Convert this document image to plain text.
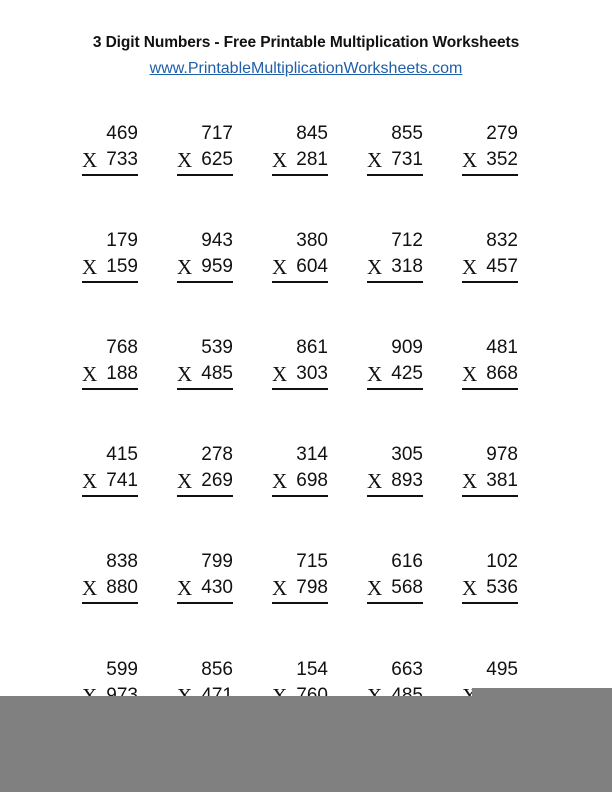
3 Digit Numbers - Free Printable Multiplication Worksheets
www.PrintableMultiplicationWorksheets.com
469
X 733
717
X 625
845
X 281
855
X 731
279
X 352
179
X 159
943
X 959
380
X 604
712
X 318
832
X 457
768
X 188
539
X 485
861
X 303
909
X 425
481
X 868
415
X 741
278
X 269
314
X 698
305
X 893
978
X 381
838
X 880
799
X 430
715
X 798
616
X 568
102
X 536
599	856	154	663	495
